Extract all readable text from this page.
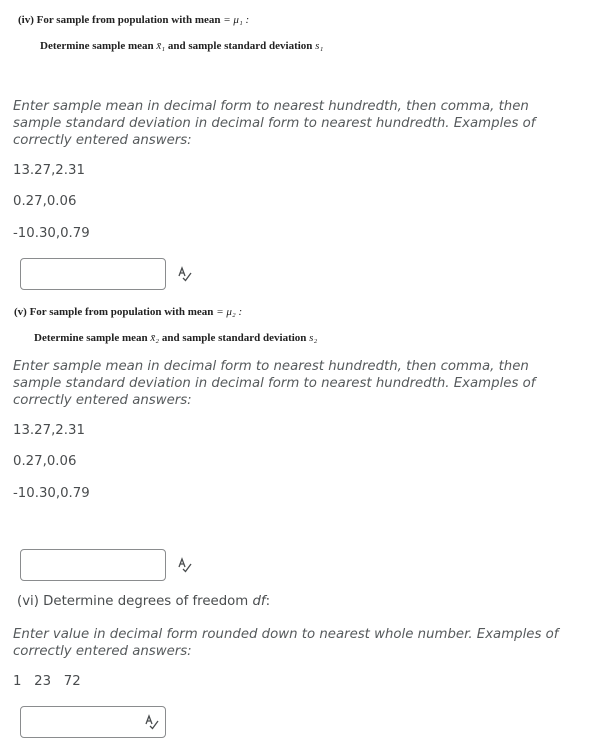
(iv) For sample from population with mean = μ₁ :
Determine sample mean x̄₁ and sample standard deviation s₁
Enter sample mean in decimal form to nearest hundredth, then comma, then sample standard deviation in decimal form to nearest hundredth. Examples of correctly entered answers:
13.27,2.31
0.27,0.06
-10.30,0.79
(v) For sample from population with mean = μ₂ :
Determine sample mean x̄₂ and sample standard deviation s₂
Enter sample mean in decimal form to nearest hundredth, then comma, then sample standard deviation in decimal form to nearest hundredth. Examples of correctly entered answers:
13.27,2.31
0.27,0.06
-10.30,0.79
(vi) Determine degrees of freedom df:
Enter value in decimal form rounded down to nearest whole number. Examples of correctly entered answers:
1   23   72
